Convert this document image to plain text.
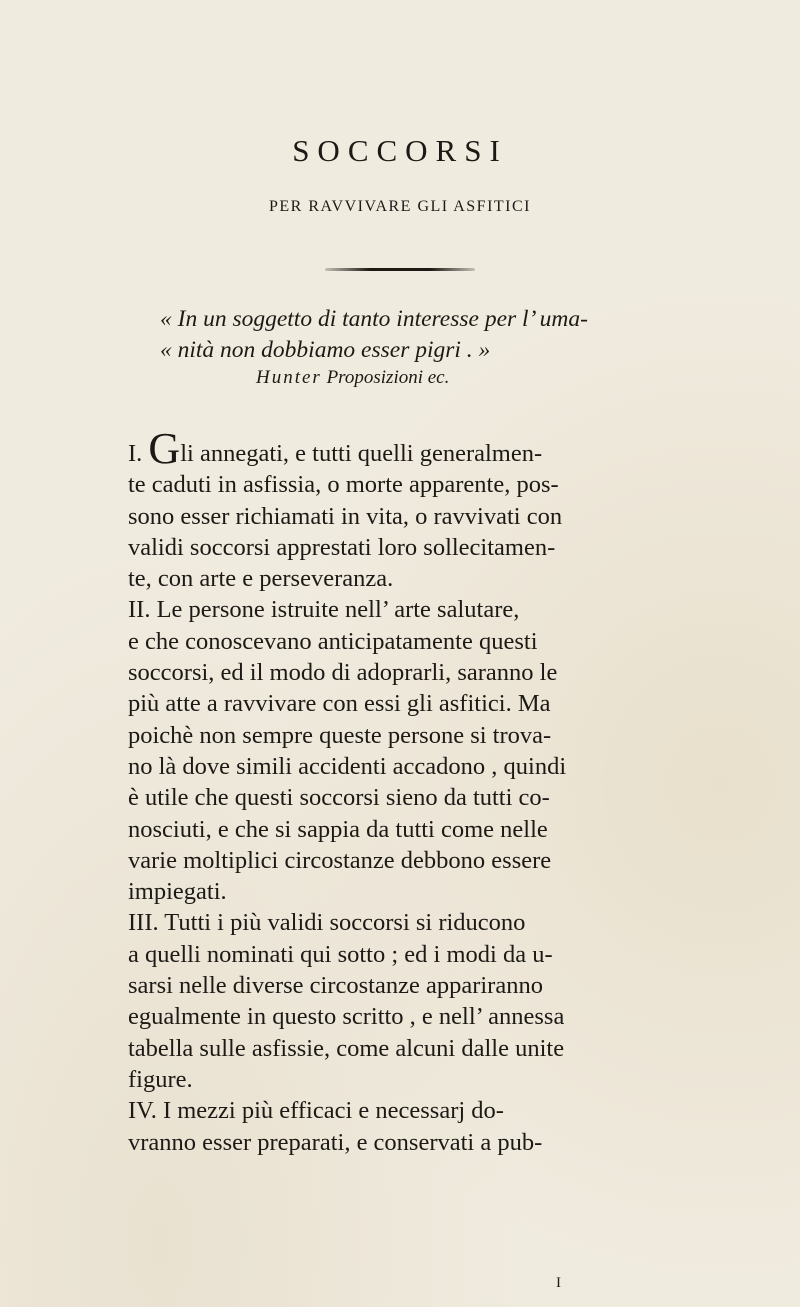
SOCCORSI
PER RAVVIVARE GLI ASFITICI
« In un soggetto di tanto interesse per l’ uma-
« nità non dobbiamo esser pigri . »
Hunter Proposizioni ec.
I. Gli annegati, e tutti quelli generalmen-
te caduti in asfissia, o morte apparente, pos-
sono esser richiamati in vita, o ravvivati con
validi soccorsi apprestati loro sollecitamen-
te, con arte e perseveranza.
II. Le persone istruite nell’ arte salutare,
e che conoscevano anticipatamente questi
soccorsi, ed il modo di adoprarli, saranno le
più atte a ravvivare con essi gli asfitici. Ma
poichè non sempre queste persone si trova-
no là dove simili accidenti accadono , quindi
è utile che questi soccorsi sieno da tutti co-
nosciuti, e che si sappia da tutti come nelle
varie moltiplici circostanze debbono essere
impiegati.
III. Tutti i più validi soccorsi si riducono
a quelli nominati qui sotto ; ed i modi da u-
sarsi nelle diverse circostanze appariranno
egualmente in questo scritto , e nell’ annessa
tabella sulle asfissie, come alcuni dalle unite
figure.
IV. I mezzi più efficaci e necessarj do-
vranno esser preparati, e conservati a pub-
I
